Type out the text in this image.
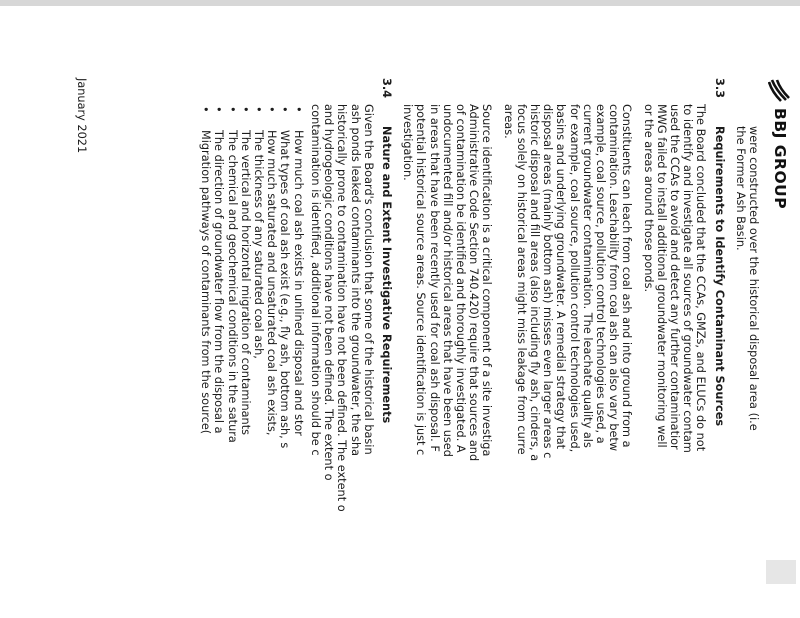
BBJ GROUP
were constructed over the historical disposal area (i.e
the Former Ash Basin.
3.3
Requirements to Identify Contaminant Sources
The Board concluded that the CCAs, GMZs, and ELUCs do not
to identify and investigate all sources of groundwater contam
used the CCAs to avoid and detect any further contaminatior
MWG failed to install additional groundwater monitoring well
or the areas around those ponds.
Constituents can leach from coal ash and into ground from a
contamination. Leachability from coal ash can also vary betw
example, coal source, pollution control technologies used, a
current groundwater contamination. The leachate quality als
for example, coal source, pollution control technologies used,
basins and underlying groundwater. A remedial strategy that
disposal areas (mainly bottom ash) misses even larger areas c
historic disposal and fill areas (also including fly ash, cinders, a
focus solely on historical areas might miss leakage from curre
areas.
Source identification is a critical component of a site investiga
Administrative Code Section 740.420) require that sources and
of contamination be identified and thoroughly investigated. A
undocumented fill and/or historical areas that have been used
in areas that have been recently used for coal ash disposal. F
potential historical source areas. Source identification is just c
investigation.
3.4
Nature and Extent Investigative Requirements
Given the Board's conclusion that some of the historical basin
ash ponds leaked contaminants into the groundwater, the sha
historically prone to contamination have not been defined. The extent o
and hydrogeologic conditions have not been defined. The extent o
contamination is identified, additional information should be c
•
How much coal ash exists in unlined disposal and stor
•
What types of coal ash exist (e.g., fly ash, bottom ash, s
•
How much saturated and unsaturated coal ash exists,
•
The thickness of any saturated coal ash,
•
The vertical and horizontal migration of contaminants
•
The chemical and geochemical conditions in the satura
•
The direction of groundwater flow from the disposal a
•
Migration pathways of contaminants from the source(
January 2021
